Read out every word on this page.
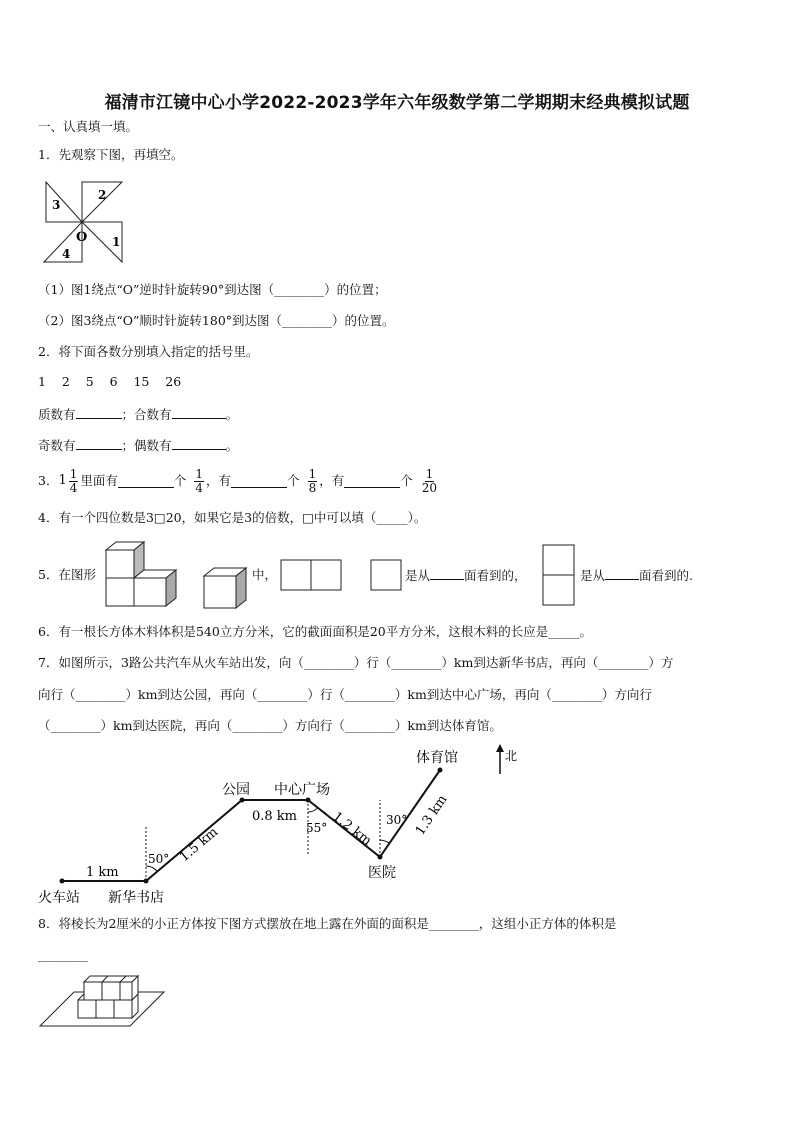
福清市江镜中心小学2022-2023学年六年级数学第二学期期末经典模拟试题
一、认真填一填。
1．先观察下图，再填空。
3
2
O
4
1
（1）图1绕点“O”逆时针旋转90°到达图（________）的位置；
（2）图3绕点“O”顺时针旋转180°到达图（________）的位置。
2．将下面各数分别填入指定的括号里。
1 2 5 6 15 26
质数有	；合数有	。
奇数有	；偶数有	。
3． $1 \frac{1}{4}$ 里面有	个 $\frac{1}{4}$ ，有	个 $\frac{1}{8}$ ，有	个 $\frac{1}{20}$
4．有一个四位数是3□20，如果它是3的倍数，□中可以填（_____）。
5．在图形	中，	是从	面看到的，	是从	面看到的.
6．有一根长方体木料体积是540立方分米，它的截面面积是20平方分米，这根木料的长应是_____。
7．如图所示，3路公共汽车从火车站出发，向（________）行（________）km到达新华书店，再向（________）方
向行（________）km到达公园，再向（________）行（________）km到达中心广场，再向（________）方向行
（________）km到达医院，再向（________）方向行（________）km到达体育馆。
北
火车站 新华书店
公园 中心广场
医院
体育馆
1 km
1.5 km
0.8 km	1.2 km	1.3 km
50°
55°
30°
8．将棱长为2厘米的小正方体按下图方式摆放在地上露在外面的面积是________，这组小正方体的体积是
________
